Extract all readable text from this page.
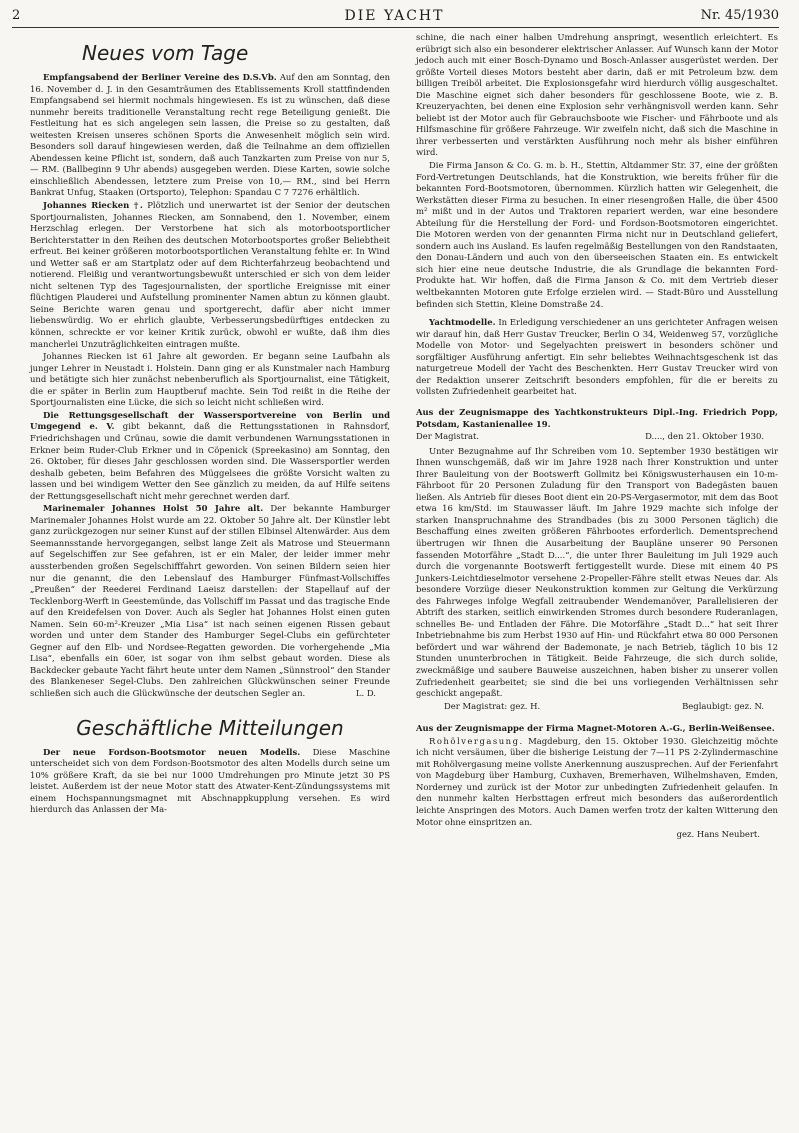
2	DIE YACHT	Nr. 45/1930
Neues vom Tage

Empfangsabend der Berliner Vereine des D.S.Vb. Auf den am Sonntag, den 16. November d. J. in den Gesamträumen des Etablissements Kroll stattfindenden Empfangsabend sei hiermit nochmals hingewiesen. Es ist zu wünschen, daß diese nunmehr bereits traditionelle Veranstaltung recht rege Beteiligung genießt. Die Festleitung hat es sich angelegen sein lassen, die Preise so zu gestalten, daß weitesten Kreisen unseres schönen Sports die Anwesenheit möglich sein wird. Besonders soll darauf hingewiesen werden, daß die Teilnahme an dem offiziellen Abendessen keine Pflicht ist, sondern, daß auch Tanzkarten zum Preise von nur 5,— RM. (Ballbeginn 9 Uhr abends) ausgegeben werden. Diese Karten, sowie solche einschließlich Abendessen, letztere zum Preise von 10,— RM., sind bei Herrn Bankrat Unfug, Staaken (Ortsporto), Telephon: Spandau C 7 7276 erhältlich.

Johannes Riecken †. Plötzlich und unerwartet ist der Senior der deutschen Sportjournalisten, Johannes Riecken, am Sonnabend, den 1. November, einem Herzschlag erlegen. Der Verstorbene hat sich als motorbootsportlicher Berichterstatter in den Reihen des deutschen Motorbootsportes großer Beliebtheit erfreut. Bei keiner größeren motorbootsportlichen Veranstaltung fehlte er. In Wind und Wetter saß er am Startplatz oder auf dem Richterfahrzeug beobachtend und notierend. Fleißig und verantwortungsbewußt unterschied er sich von dem leider nicht seltenen Typ des Tagesjournalisten, der sportliche Ereignisse mit einer flüchtigen Plauderei und Aufstellung prominenter Namen abtun zu können glaubt. Seine Berichte waren genau und sportgerecht, dafür aber nicht immer liebenswürdig. Wo er ehrlich glaubte, Verbesserungsbedürftiges entdecken zu können, schreckte er vor keiner Kritik zurück, obwohl er wußte, daß ihm dies mancherlei Unzuträglichkeiten eintragen mußte.

Johannes Riecken ist 61 Jahre alt geworden. Er begann seine Laufbahn als junger Lehrer in Neustadt i. Holstein. Dann ging er als Kunstmaler nach Hamburg und betätigte sich hier zunächst nebenberuflich als Sportjournalist, eine Tätigkeit, die er später in Berlin zum Hauptberuf machte. Sein Tod reißt in die Reihe der Sportjournalisten eine Lücke, die sich so leicht nicht schließen wird.

Die Rettungsgesellschaft der Wassersportvereine von Berlin und Umgegend e. V. gibt bekannt, daß die Rettungsstationen in Rahnsdorf, Friedrichshagen und Crünau, sowie die damit verbundenen Warnungsstationen in Erkner beim Ruder-Club Erkner und in Cöpenick (Spreekasino) am Sonntag, den 26. Oktober, für dieses Jahr geschlossen worden sind. Die Wassersportler werden deshalb gebeten, beim Befahren des Müggelsees die größte Vorsicht walten zu lassen und bei windigem Wetter den See gänzlich zu meiden, da auf Hilfe seitens der Rettungsgesellschaft nicht mehr gerechnet werden darf.

Marinemaler Johannes Holst 50 Jahre alt. Der bekannte Hamburger Marinemaler Johannes Holst wurde am 22. Oktober 50 Jahre alt. Der Künstler lebt ganz zurückgezogen nur seiner Kunst auf der stillen Elbinsel Altenwärder. Aus dem Seemannsstande hervorgegangen, selbst lange Zeit als Matrose und Steuermann auf Segelschiffen zur See gefahren, ist er ein Maler, der leider immer mehr aussterbenden großen Segelschifffahrt geworden. Von seinen Bildern seien hier nur die genannt, die den Lebenslauf des Hamburger Fünfmast-Vollschiffes „Preußen“ der Reederei Ferdinand Laeisz darstellen: der Stapellauf auf der Tecklenborg-Werft in Geestemünde, das Vollschiff im Passat und das tragische Ende auf den Kreidefelsen von Dover. Auch als Segler hat Johannes Holst einen guten Namen. Sein 60-m²-Kreuzer „Mia Lisa“ ist nach seinen eigenen Rissen gebaut worden und unter dem Stander des Hamburger Segel-Clubs ein gefürchteter Gegner auf den Elb- und Nordsee-Regatten geworden. Die vorhergehende „Mia Lisa“, ebenfalls ein 60er, ist sogar von ihm selbst gebaut worden. Diese als Backdecker gebaute Yacht fährt heute unter dem Namen „Sünnstrool“ den Stander des Blankeneser Segel-Clubs. Den zahlreichen Glückwünschen seiner Freunde schließen sich auch die Glückwünsche der deutschen Segler an.	L. D.

Geschäftliche Mitteilungen

Der neue Fordson-Bootsmotor neuen Modells. Diese Maschine unterscheidet sich von dem Fordson-Bootsmotor des alten Modells durch seine um 10% größere Kraft, da sie bei nur 1000 Umdrehungen pro Minute jetzt 30 PS leistet. Außerdem ist der neue Motor statt des Atwater-Kent-Zündungssystems mit einem Hochspannungsmagnet mit Abschnappkupplung versehen. Es wird hierdurch das Anlassen der Ma-

schine, die nach einer halben Umdrehung anspringt, wesentlich erleichtert. Es erübrigt sich also ein besonderer elektrischer Anlasser. Auf Wunsch kann der Motor jedoch auch mit einer Bosch-Dynamo und Bosch-Anlasser ausgerüstet werden. Der größte Vorteil dieses Motors besteht aber darin, daß er mit Petroleum bzw. dem billigen Treiböl arbeitet. Die Explosionsgefahr wird hierdurch völlig ausgeschaltet. Die Maschine eignet sich daher besonders für geschlossene Boote, wie z. B. Kreuzeryachten, bei denen eine Explosion sehr verhängnisvoll werden kann. Sehr beliebt ist der Motor auch für Gebrauchsboote wie Fischer- und Fährboote und als Hilfsmaschine für größere Fahrzeuge. Wir zweifeln nicht, daß sich die Maschine in ihrer verbesserten und verstärkten Ausführung noch mehr als bisher einführen wird.

Die Firma Janson & Co. G. m. b. H., Stettin, Altdammer Str. 37, eine der größten Ford-Vertretungen Deutschlands, hat die Konstruktion, wie bereits früher für die bekannten Ford-Bootsmotoren, übernommen. Kürzlich hatten wir Gelegenheit, die Werkstätten dieser Firma zu besuchen. In einer riesengroßen Halle, die über 4500 m² mißt und in der Autos und Traktoren repariert werden, war eine besondere Abteilung für die Herstellung der Ford- und Fordson-Bootsmotoren eingerichtet. Die Motoren werden von der genannten Firma nicht nur in Deutschland geliefert, sondern auch ins Ausland. Es laufen regelmäßig Bestellungen von den Randstaaten, den Donau-Ländern und auch von den überseeischen Staaten ein. Es entwickelt sich hier eine neue deutsche Industrie, die als Grundlage die bekannten Ford-Produkte hat. Wir hoffen, daß die Firma Janson & Co. mit dem Vertrieb dieser weltbekannten Motoren gute Erfolge erzielen wird. — Stadt-Büro und Ausstellung befinden sich Stettin, Kleine Domstraße 24.

Yachtmodelle. In Erledigung verschiedener an uns gerichteter Anfragen weisen wir darauf hin, daß Herr Gustav Treucker, Berlin O 34, Weidenweg 57, vorzügliche Modelle von Motor- und Segelyachten preiswert in besonders schöner und sorgfältiger Ausführung anfertigt. Ein sehr beliebtes Weihnachtsgeschenk ist das naturgetreue Modell der Yacht des Beschenkten. Herr Gustav Treucker wird von der Redaktion unserer Zeitschrift besonders empfohlen, für die er bereits zu vollsten Zufriedenheit gearbeitet hat.

Aus der Zeugnismappe des Yachtkonstrukteurs Dipl.-Ing. Friedrich Popp, Potsdam, Kastanienallee 19.

Der Magistrat.	D...., den 21. Oktober 1930.

Unter Bezugnahme auf Ihr Schreiben vom 10. September 1930 bestätigen wir Ihnen wunschgemäß, daß wir im Jahre 1928 nach Ihrer Konstruktion und unter Ihrer Bauleitung von der Bootswerft Gollmitz bei Königswusterhausen ein 10-m-Fährboot für 20 Personen Zuladung für den Transport von Badegästen bauen ließen. Als Antrieb für dieses Boot dient ein 20-PS-Vergasermotor, mit dem das Boot etwa 16 km/Std. im Stauwasser läuft. Im Jahre 1929 machte sich infolge der starken Inanspruchnahme des Strandbades (bis zu 3000 Personen täglich) die Beschaffung eines zweiten größeren Fährbootes erforderlich. Dementsprechend übertrugen wir Ihnen die Ausarbeitung der Baupläne unserer 90 Personen fassenden Motorfähre „Stadt D....“, die unter Ihrer Bauleitung im Juli 1929 auch durch die vorgenannte Bootswerft fertiggestellt wurde. Diese mit einem 40 PS Junkers-Leichtdieselmotor versehene 2-Propeller-Fähre stellt etwas Neues dar. Als besondere Vorzüge dieser Neukonstruktion kommen zur Geltung die Verkürzung des Fahrweges infolge Wegfall zeitraubender Wendemanöver, Parallelisieren der Abtrift des starken, seitlich einwirkenden Stromes durch besondere Ruderanlagen, schnelles Be- und Entladen der Fähre. Die Motorfähre „Stadt D...“ hat seit Ihrer Inbetriebnahme bis zum Herbst 1930 auf Hin- und Rückfahrt etwa 80 000 Personen befördert und war während der Bademonate, je nach Betrieb, täglich 10 bis 12 Stunden ununterbrochen in Tätigkeit. Beide Fahrzeuge, die sich durch solide, zweckmäßige und saubere Bauweise auszeichnen, haben bisher zu unserer vollen Zufriedenheit gearbeitet; sie sind die bei uns vorliegenden Verhältnissen sehr geschickt angepaßt.

Der Magistrat: gez. H.	Beglaubigt: gez. N.

Aus der Zeugnismappe der Firma Magnet-Motoren A.-G., Berlin-Weißensee.

Rohölvergasung. Magdeburg, den 15. Oktober 1930. Gleichzeitig möchte ich nicht versäumen, über die bisherige Leistung der 7—11 PS 2-Zylindermaschine mit Rohölvergasung meine vollste Anerkennung auszusprechen. Auf der Ferienfahrt von Magdeburg über Hamburg, Cuxhaven, Bremerhaven, Wilhelmshaven, Emden, Norderney und zurück ist der Motor zur unbedingten Zufriedenheit gelaufen. In den nunmehr kalten Herbsttagen erfreut mich besonders das außerordentlich leichte Anspringen des Motors. Auch Damen werfen trotz der kalten Witterung den Motor ohne einspritzen an.

gez. Hans Neubert.
